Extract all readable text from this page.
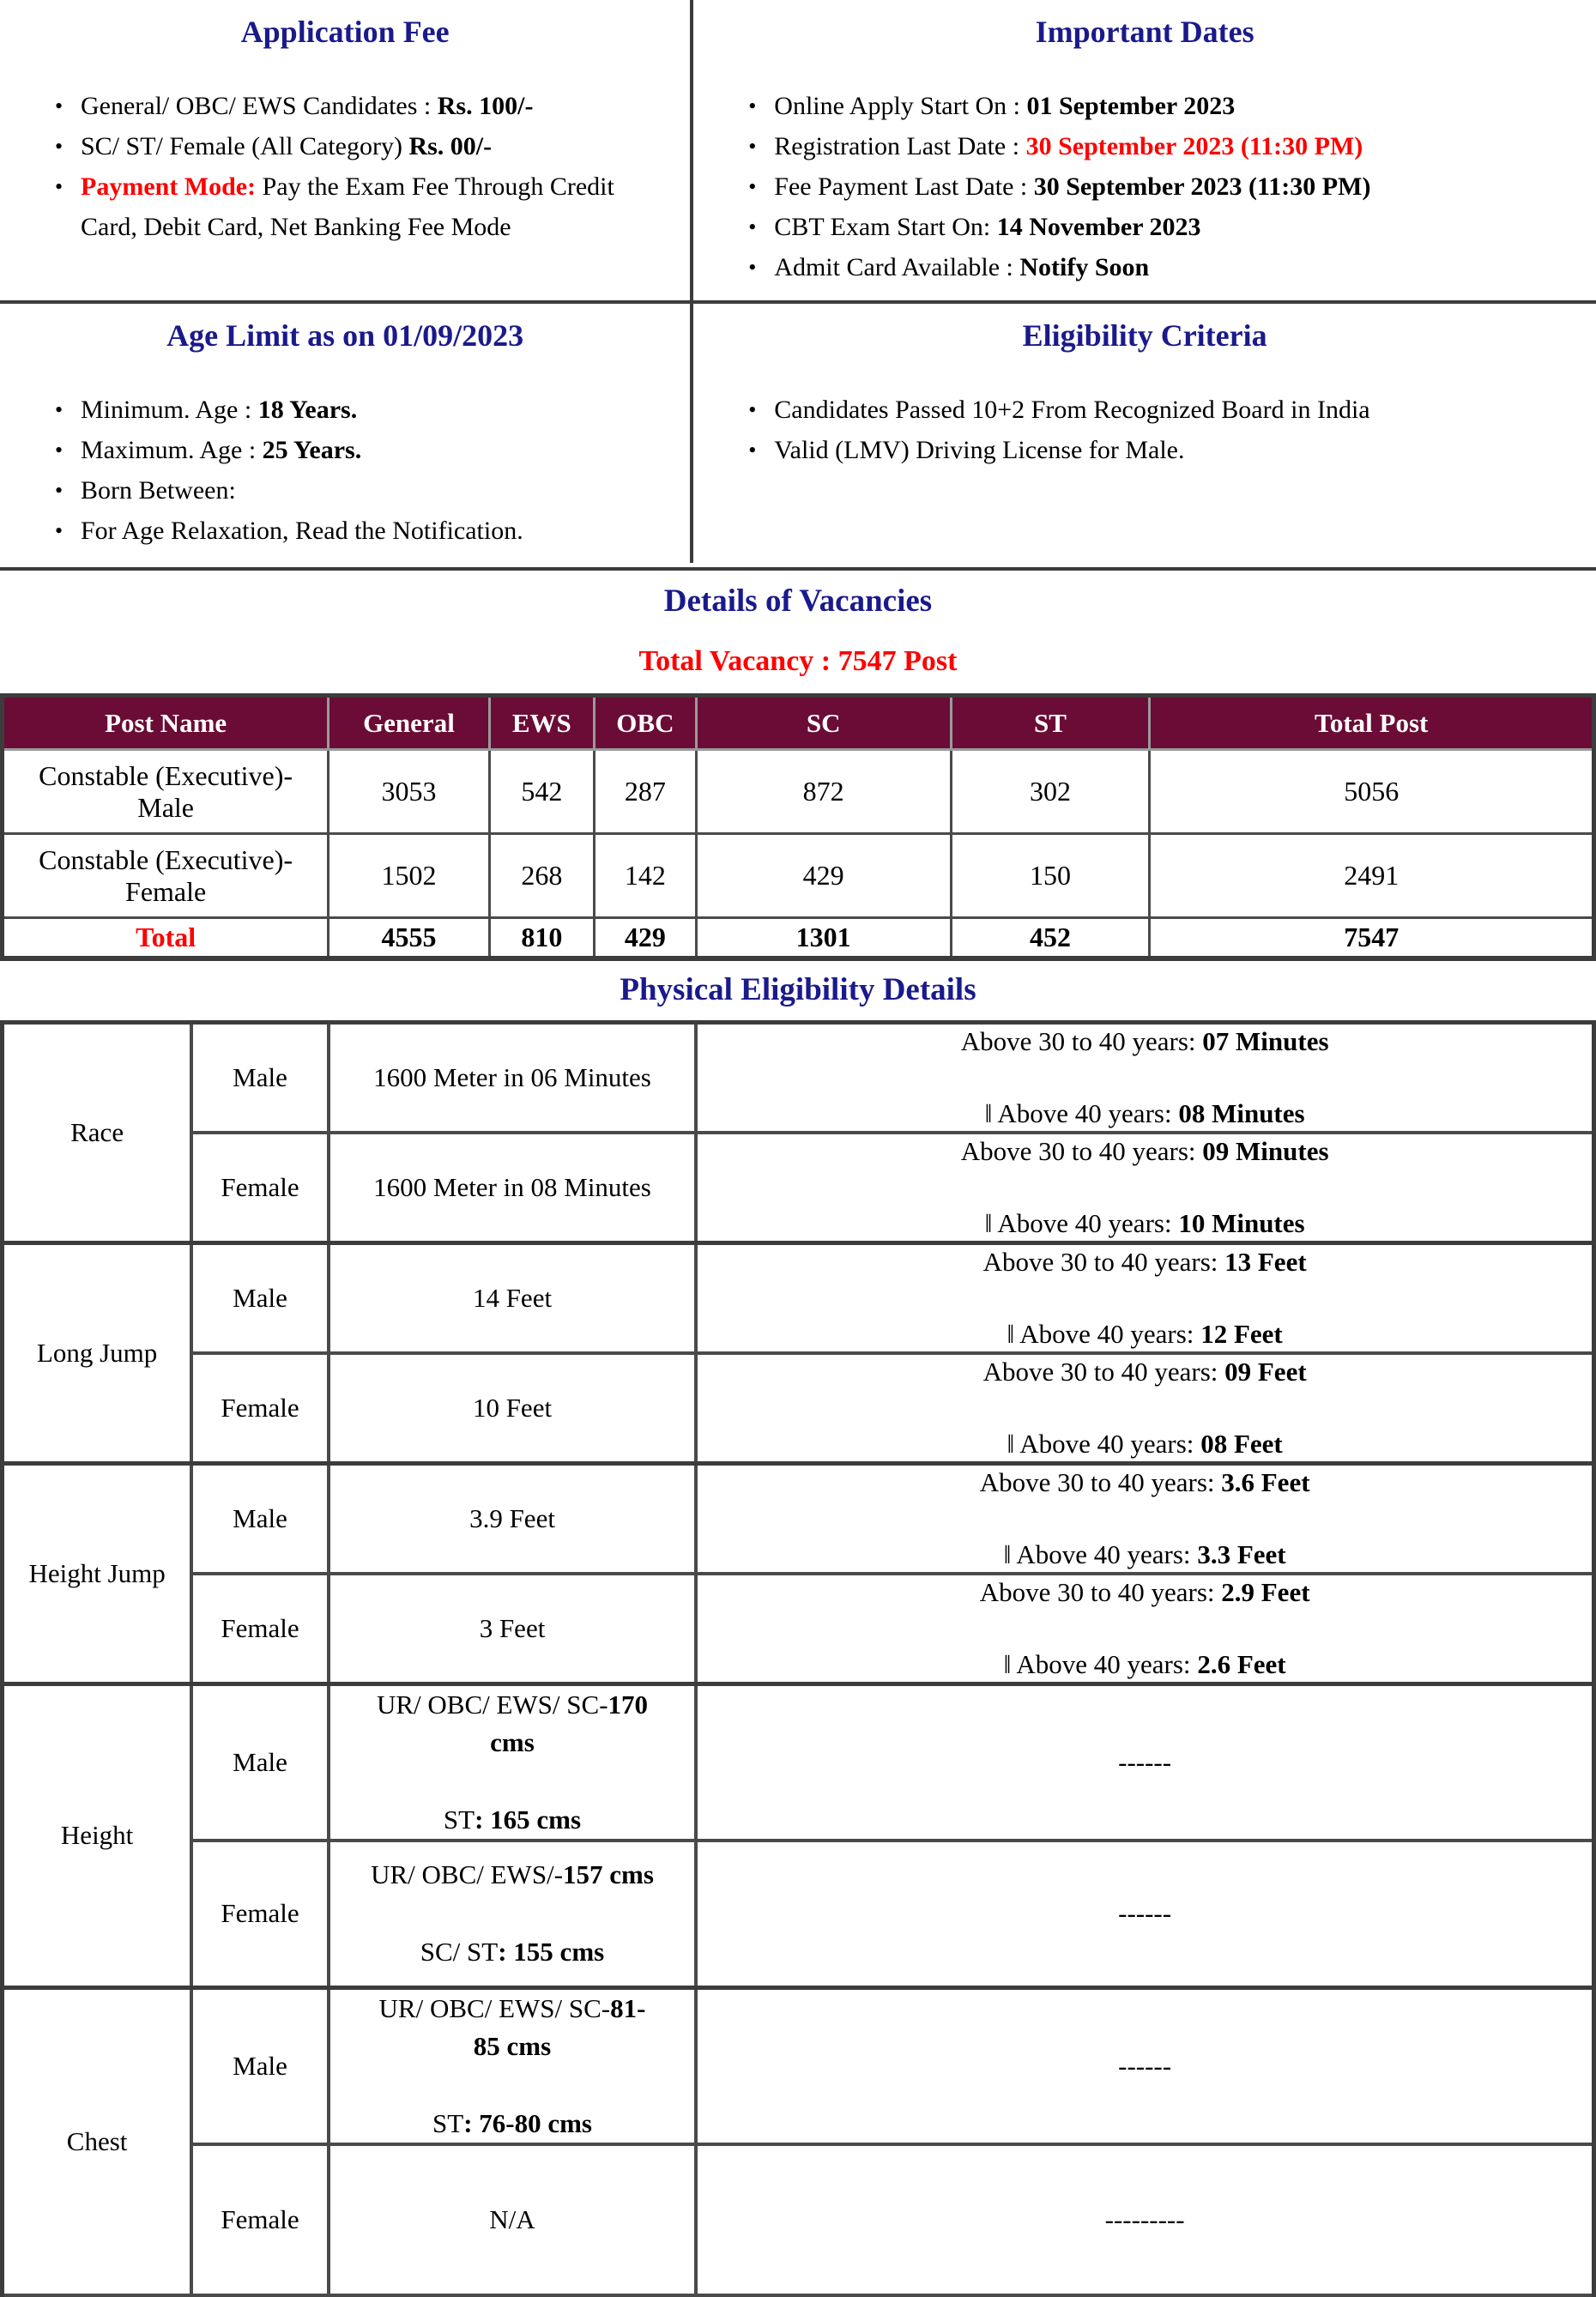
Application Fee
• General/ OBC/ EWS Candidates : Rs. 100/-
• SC/ ST/ Female (All Category) Rs. 00/-
• Payment Mode: Pay the Exam Fee Through Credit Card, Debit Card, Net Banking Fee Mode

Important Dates
• Online Apply Start On : 01 September 2023
• Registration Last Date : 30 September 2023 (11:30 PM)
• Fee Payment Last Date : 30 September 2023 (11:30 PM)
• CBT Exam Start On: 14 November 2023
• Admit Card Available : Notify Soon

Age Limit as on 01/09/2023
• Minimum. Age : 18 Years.
• Maximum. Age : 25 Years.
• Born Between:
• For Age Relaxation, Read the Notification.

Eligibility Criteria
• Candidates Passed 10+2 From Recognized Board in India
• Valid (LMV) Driving License for Male.
Details of Vacancies
Total Vacancy : 7547 Post
Post Name	General	EWS	OBC	SC	ST	Total Post
Constable (Executive)-Male	3053	542	287	872	302	5056
Constable (Executive)-Female	1502	268	142	429	150	2491
Total	4555	810	429	1301	452	7547
Physical Eligibility Details
Race	Male	1600 Meter in 06 Minutes	Above 30 to 40 years: 07 Minutes
‖ Above 40 years: 08 Minutes

	Female	1600 Meter in 08 Minutes	Above 30 to 40 years: 09 Minutes
‖ Above 40 years: 10 Minutes

Long Jump	Male	14 Feet	Above 30 to 40 years: 13 Feet
‖ Above 40 years: 12 Feet

	Female	10 Feet	Above 30 to 40 years: 09 Feet
‖ Above 40 years: 08 Feet

Height Jump	Male	3.9 Feet	Above 30 to 40 years: 3.6 Feet
‖ Above 40 years: 3.3 Feet

	Female	3 Feet	Above 30 to 40 years: 2.9 Feet
‖ Above 40 years: 2.6 Feet

Height	Male	UR/ OBC/ EWS/ SC-170 cms
ST: 165 cms	------

	Female	UR/ OBC/ EWS/-157 cms
SC/ ST: 155 cms	------

Chest	Male	UR/ OBC/ EWS/ SC-81-85 cms
ST: 76-80 cms	------

	Female	N/A	---------
